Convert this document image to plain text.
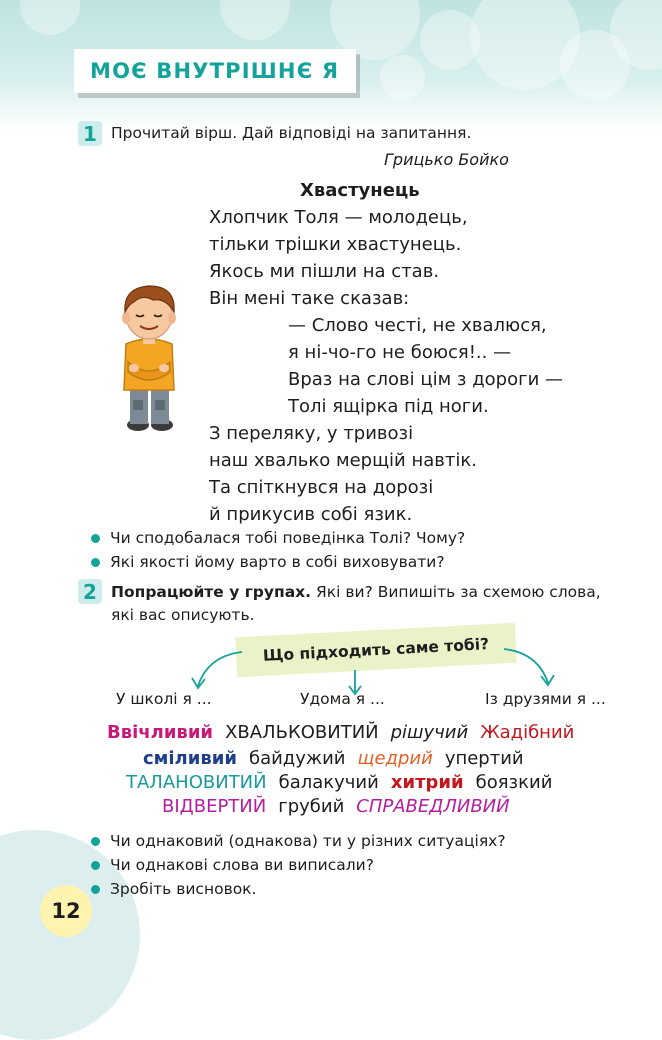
МОЄ ВНУТРІШНЄ Я
1 Прочитай вірш. Дай відповіді на запитання.
Грицько Бойко
Хвастунець
Хлопчик Толя — молодець,
тільки трішки хвастунець.
Якось ми пішли на став.
Він мені таке сказав:
— Слово честі, не хвалюся,
я ні-чо-го не боюся!.. —
Враз на слові цім з дороги —
Толі ящірка під ноги.
З переляку, у тривозі
наш хвалько мерщій навтік.
Та спіткнувся на дорозі
й прикусив собі язик.
Чи сподобалася тобі поведінка Толі? Чому?
Які якості йому варто в собі виховувати?
2 Попрацюйте у групах. Які ви? Випишіть за схемою слова,
які вас описують.
Що підходить саме тобі?
У школі я ...	Удома я ...	Із друзями я ...
Ввічливий ХВАЛЬКОВИТИЙ рішучий Жадібний
сміливий байдужий щедрий упертий
ТАЛАНОВИТИЙ балакучий хитрий боязкий
ВІДВЕРТИЙ грубий СПРАВЕДЛИВИЙ
Чи однаковий (однакова) ти у різних ситуаціях?
Чи однакові слова ви виписали?
Зробіть висновок.
12
